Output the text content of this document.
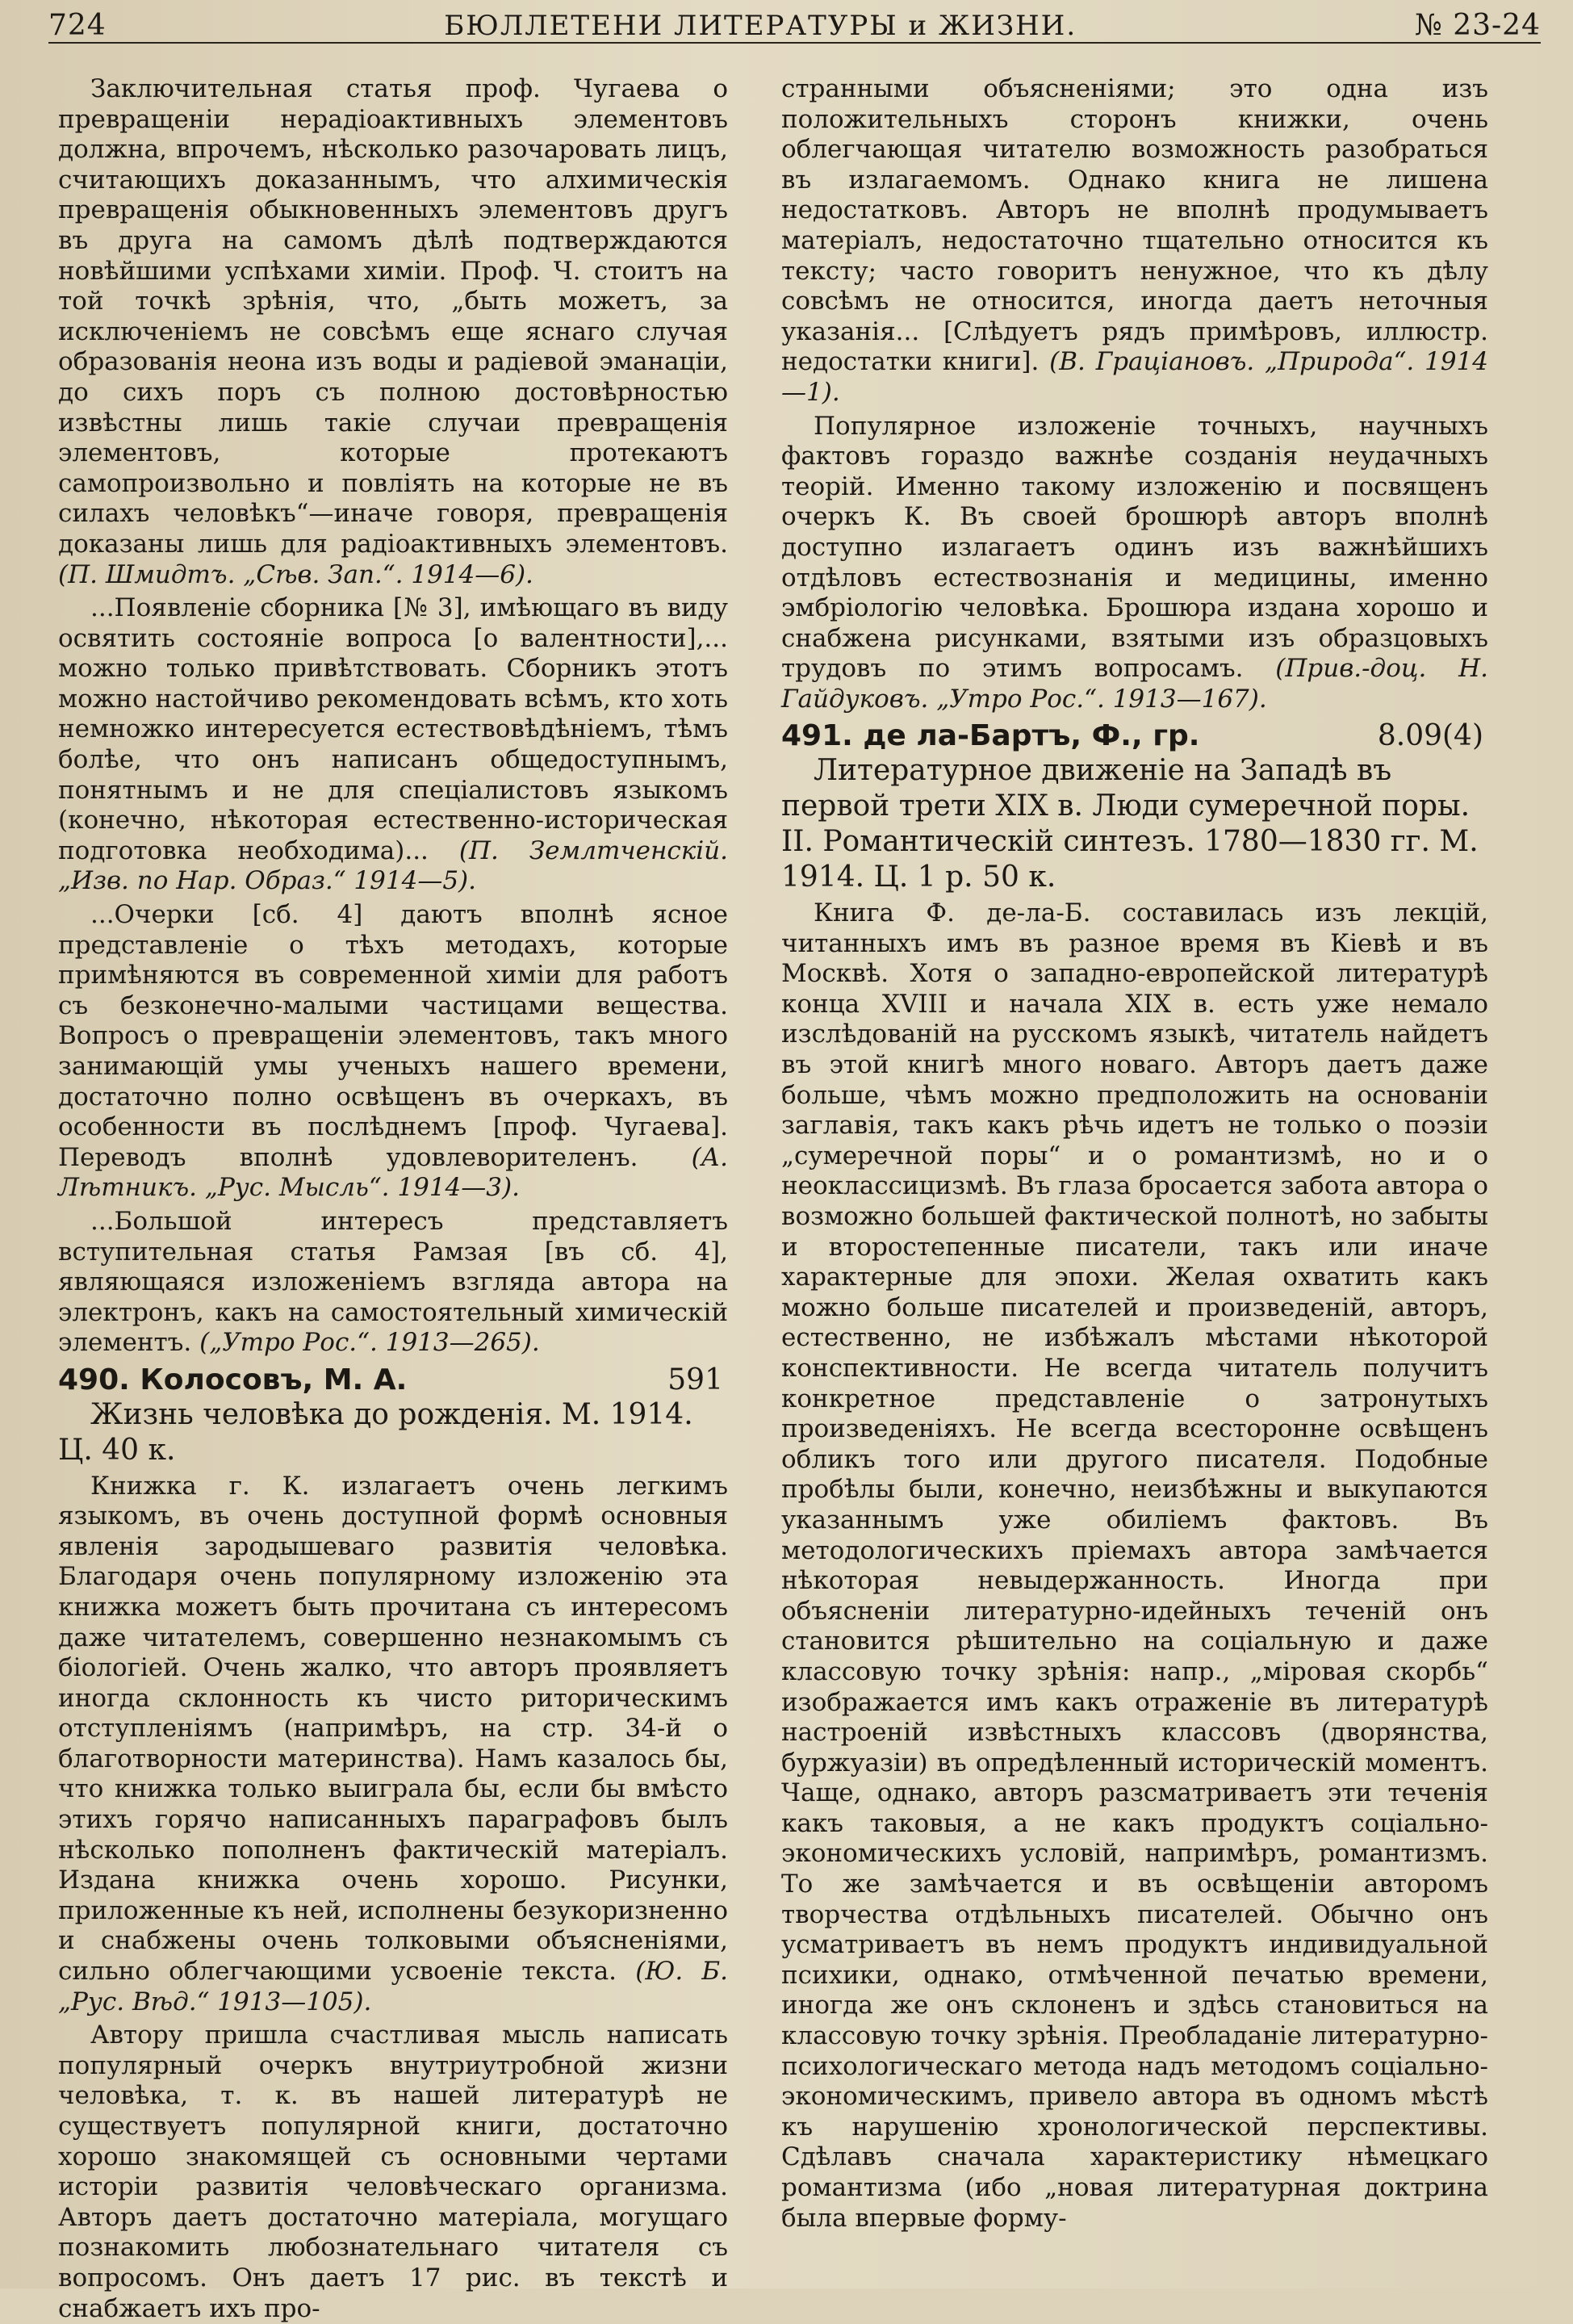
724	БЮЛЛЕТЕНИ ЛИТЕРАТУРЫ и ЖИЗНИ.	№ 23-24

Заключительная статья проф. Чугаева о превращенiи нерадiоактивныхъ элементовъ должна, впрочемъ, нѣсколько разочаровать лицъ, считающихъ доказаннымъ, что алхимическiя превращенiя обыкновенныхъ элементовъ другъ въ друга на самомъ дѣлѣ подтверждаются новѣйшими успѣхами химiи. Проф. Ч. стоитъ на той точкѣ зрѣнiя, что, „быть можетъ, за исключенiемъ не совсѣмъ еще яснаго случая образованiя неона изъ воды и радiевой эманацiи, до сихъ поръ съ полною достовѣрностью извѣстны лишь такiе случаи превращенiя элементовъ, которые протекаютъ самопроизвольно и повлiять на которые не въ силахъ человѣкъ“—иначе говоря, превращенiя доказаны лишь для радiоактивныхъ элементовъ. (П. Шмидтъ. „Сѣв. Зап.“. 1914—6).

...Появленiе сборника [№ 3], имѣющаго въ виду освятить состоянiе вопроса [о валентности],... можно только привѣтствовать. Сборникъ этотъ можно настойчиво рекомендовать всѣмъ, кто хоть немножко интересуется естествовѣдѣнiемъ, тѣмъ болѣе, что онъ написанъ общедоступнымъ, понятнымъ и не для спецiалистовъ языкомъ (конечно, нѣкоторая естественно-историческая подготовка необходима)... (П. Землтченскiй. „Изв. по Нар. Образ.“ 1914—5).

...Очерки [сб. 4] даютъ вполнѣ ясное представленiе о тѣхъ методахъ, которые примѣняются въ современной химiи для работъ съ безконечно-малыми частицами вещества. Вопросъ о превращенiи элементовъ, такъ много занимающiй умы ученыхъ нашего времени, достаточно полно освѣщенъ въ очеркахъ, въ особенности въ послѣднемъ [проф. Чугаева]. Переводъ вполнѣ удовлеворителенъ. (А. Лѣтникъ. „Рус. Мысль“. 1914—3).

...Большой интересъ представляетъ вступительная статья Рамзая [въ сб. 4], являющаяся изложенiемъ взгляда автора на электронъ, какъ на самостоятельный химическiй элементъ. („Утро Рос.“. 1913—265).

490. Колосовъ, М. А.	591

Жизнь человѣка до рожденiя. М. 1914. Ц. 40 к.

Книжка г. К. излагаетъ очень легкимъ языкомъ, въ очень доступной формѣ основныя явленiя зародышеваго развитiя человѣка. Благодаря очень популярному изложенiю эта книжка можетъ быть прочитана съ интересомъ даже читателемъ, совершенно незнакомымъ съ бiологiей. Очень жалко, что авторъ проявляетъ иногда склонность къ чисто риторическимъ отступленiямъ (напримѣръ, на стр. 34-й о благотворности материнства). Намъ казалось бы, что книжка только выиграла бы, если бы вмѣсто этихъ горячо написанныхъ параграфовъ былъ нѣсколько пополненъ фактическiй матерiалъ. Издана книжка очень хорошо. Рисунки, приложенные къ ней, исполнены безукоризненно и снабжены очень толковыми объясненiями, сильно облегчающими усвоенiе текста. (Ю. Б. „Рус. Вѣд.“ 1913—105).

Автору пришла счастливая мысль написать популярный очеркъ внутриутробной жизни человѣка, т. к. въ нашей литературѣ не существуетъ популярной книги, достаточно хорошо знакомящей съ основными чертами исторiи развитiя человѣческаго организма. Авторъ даетъ достаточно матерiала, могущаго познакомить любознательнаго читателя съ вопросомъ. Онъ даетъ 17 рис. въ текстѣ и снабжаетъ ихъ про-

странными объясненiями; это одна изъ положительныхъ сторонъ книжки, очень облегчающая читателю возможность разобраться въ излагаемомъ. Однако книга не лишена недостатковъ. Авторъ не вполнѣ продумываетъ матерiалъ, недостаточно тщательно относится къ тексту; часто говоритъ ненужное, что къ дѣлу совсѣмъ не относится, иногда даетъ неточныя указанiя... [Слѣдуетъ рядъ примѣровъ, иллюстр. недостатки книги]. (В. Грацiановъ. „Природа“. 1914—1).

Популярное изложенiе точныхъ, научныхъ фактовъ гораздо важнѣе созданiя неудачныхъ теорiй. Именно такому изложенiю и посвященъ очеркъ К. Въ своей брошюрѣ авторъ вполнѣ доступно излагаетъ одинъ изъ важнѣйшихъ отдѣловъ естествознанiя и медицины, именно эмбрiологiю человѣка. Брошюра издана хорошо и снабжена рисунками, взятыми изъ образцовыхъ трудовъ по этимъ вопросамъ. (Прив.-доц. Н. Гайдуковъ. „Утро Рос.“. 1913—167).

491. де ла-Бартъ, Ф., гр.	8.09(4)

Литературное движенiе на Западѣ въ первой трети XIX в. Люди сумеречной поры. II. Романтическiй синтезъ. 1780—1830 гг. М. 1914. Ц. 1 р. 50 к.

Книга Ф. де-ла-Б. составилась изъ лекцiй, читанныхъ имъ въ разное время въ Кiевѣ и въ Москвѣ. Хотя о западно-европейской литературѣ конца XVIII и начала XIX в. есть уже немало изслѣдованiй на русскомъ языкѣ, читатель найдетъ въ этой книгѣ много новаго. Авторъ даетъ даже больше, чѣмъ можно предположить на основанiи заглавiя, такъ какъ рѣчь идетъ не только о поэзiи „сумеречной поры“ и о романтизмѣ, но и о неоклассицизмѣ. Въ глаза бросается забота автора о возможно большей фактической полнотѣ, но забыты и второстепенные писатели, такъ или иначе характерные для эпохи. Желая охватить какъ можно больше писателей и произведенiй, авторъ, естественно, не избѣжалъ мѣстами нѣкоторой конспективности. Не всегда читатель получитъ конкретное представленiе о затронутыхъ произведенiяхъ. Не всегда всестороннe освѣщенъ обликъ того или другого писателя. Подобные пробѣлы были, конечно, неизбѣжны и выкупаются указаннымъ уже обилiемъ фактовъ. Въ методологическихъ прiемахъ автора замѣчается нѣкоторая невыдержанность. Иногда при объясненiи литературно-идейныхъ теченiй онъ становится рѣшительно на соцiальную и даже классовую точку зрѣнiя: напр., „мiровая скорбь“ изображается имъ какъ отраженiе въ литературѣ настроенiй извѣстныхъ классовъ (дворянства, буржуазiи) въ опредѣленный историческiй моментъ. Чаще, однако, авторъ разсматриваетъ эти теченiя какъ таковыя, а не какъ продуктъ соцiально-экономическихъ условiй, напримѣръ, романтизмъ. То же замѣчается и въ освѣщенiи авторомъ творчества отдѣльныхъ писателей. Обычно онъ усматриваетъ въ немъ продуктъ индивидуальной психики, однако, отмѣченной печатью времени, иногда же онъ склоненъ и здѣсь становиться на классовую точку зрѣнiя. Преобладанiе литературно-психологическаго метода надъ методомъ соцiально-экономическимъ, привело автора въ одномъ мѣстѣ къ нарушенiю хронологической перспективы. Сдѣлавъ сначала характеристику нѣмецкаго романтизма (ибо „новая литературная доктрина была впервые форму-
